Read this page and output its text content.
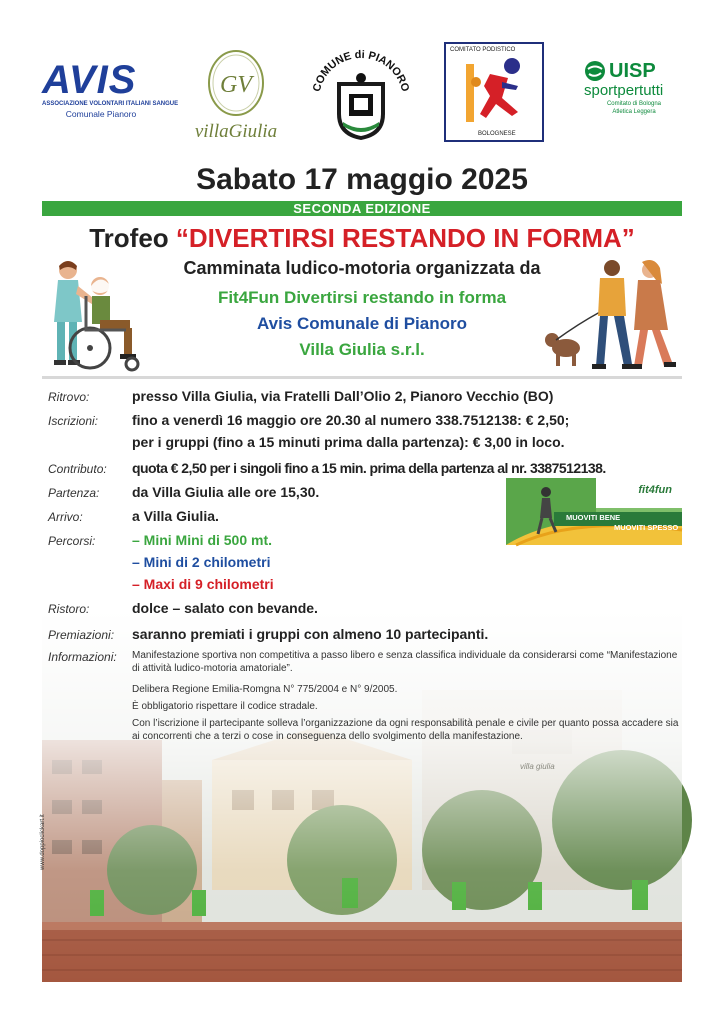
AVIS
ASSOCIAZIONE VOLONTARI ITALIANI SANGUE
Comunale Pianoro
GV
villaGiulia
COMUNE di PIANORO
COMITATO PODISTICO
BOLOGNESE
UISP
sportpertutti
Comitato di Bologna
Atletica Leggera
Sabato 17 maggio 2025
SECONDA EDIZIONE
Trofeo “DIVERTIRSI RESTANDO IN FORMA”
Camminata ludico-motoria organizzata da
Fit4Fun Divertirsi restando in forma
Avis Comunale di Pianoro
Villa Giulia s.r.l.
Ritrovo:	presso Villa Giulia, via Fratelli Dall’Olio 2, Pianoro Vecchio (BO)
Iscrizioni: fino a venerdì 16 maggio ore 20.30 al numero 338.7512138: € 2,50;
per i gruppi (fino a 15 minuti prima dalla partenza): € 3,00 in loco.
Contributo: quota € 2,50 per i singoli fino a 15 min. prima della partenza al nr. 3387512138.
Partenza: da Villa Giulia alle ore 15,30.
Arrivo:	a Villa Giulia.
Percorsi:	– Mini Mini di 500 mt.
– Mini di 2 chilometri
– Maxi di 9 chilometri
fit4fun
MUOVITI BENE
MUOVITI SPESSO
villa giulia
www.doppioclickart.it
Ristoro:	dolce – salato con bevande.
Premiazioni: saranno premiati i gruppi con almeno 10 partecipanti.
Informazioni: Manifestazione sportiva non competitiva a passo libero e senza classifica individuale da considerarsi come “Manifestazione di attività ludico-motoria amatoriale”.
Delibera Regione Emilia-Romgna N° 775/2004 e N° 9/2005.
È obbligatorio rispettare il codice stradale.
Con l’iscrizione il partecipante solleva l’organizzazione da ogni responsabilità penale e civile per quanto possa accadere sia ai concorrenti che a terzi o cose in conseguenza dello svolgimento della manifestazione.
